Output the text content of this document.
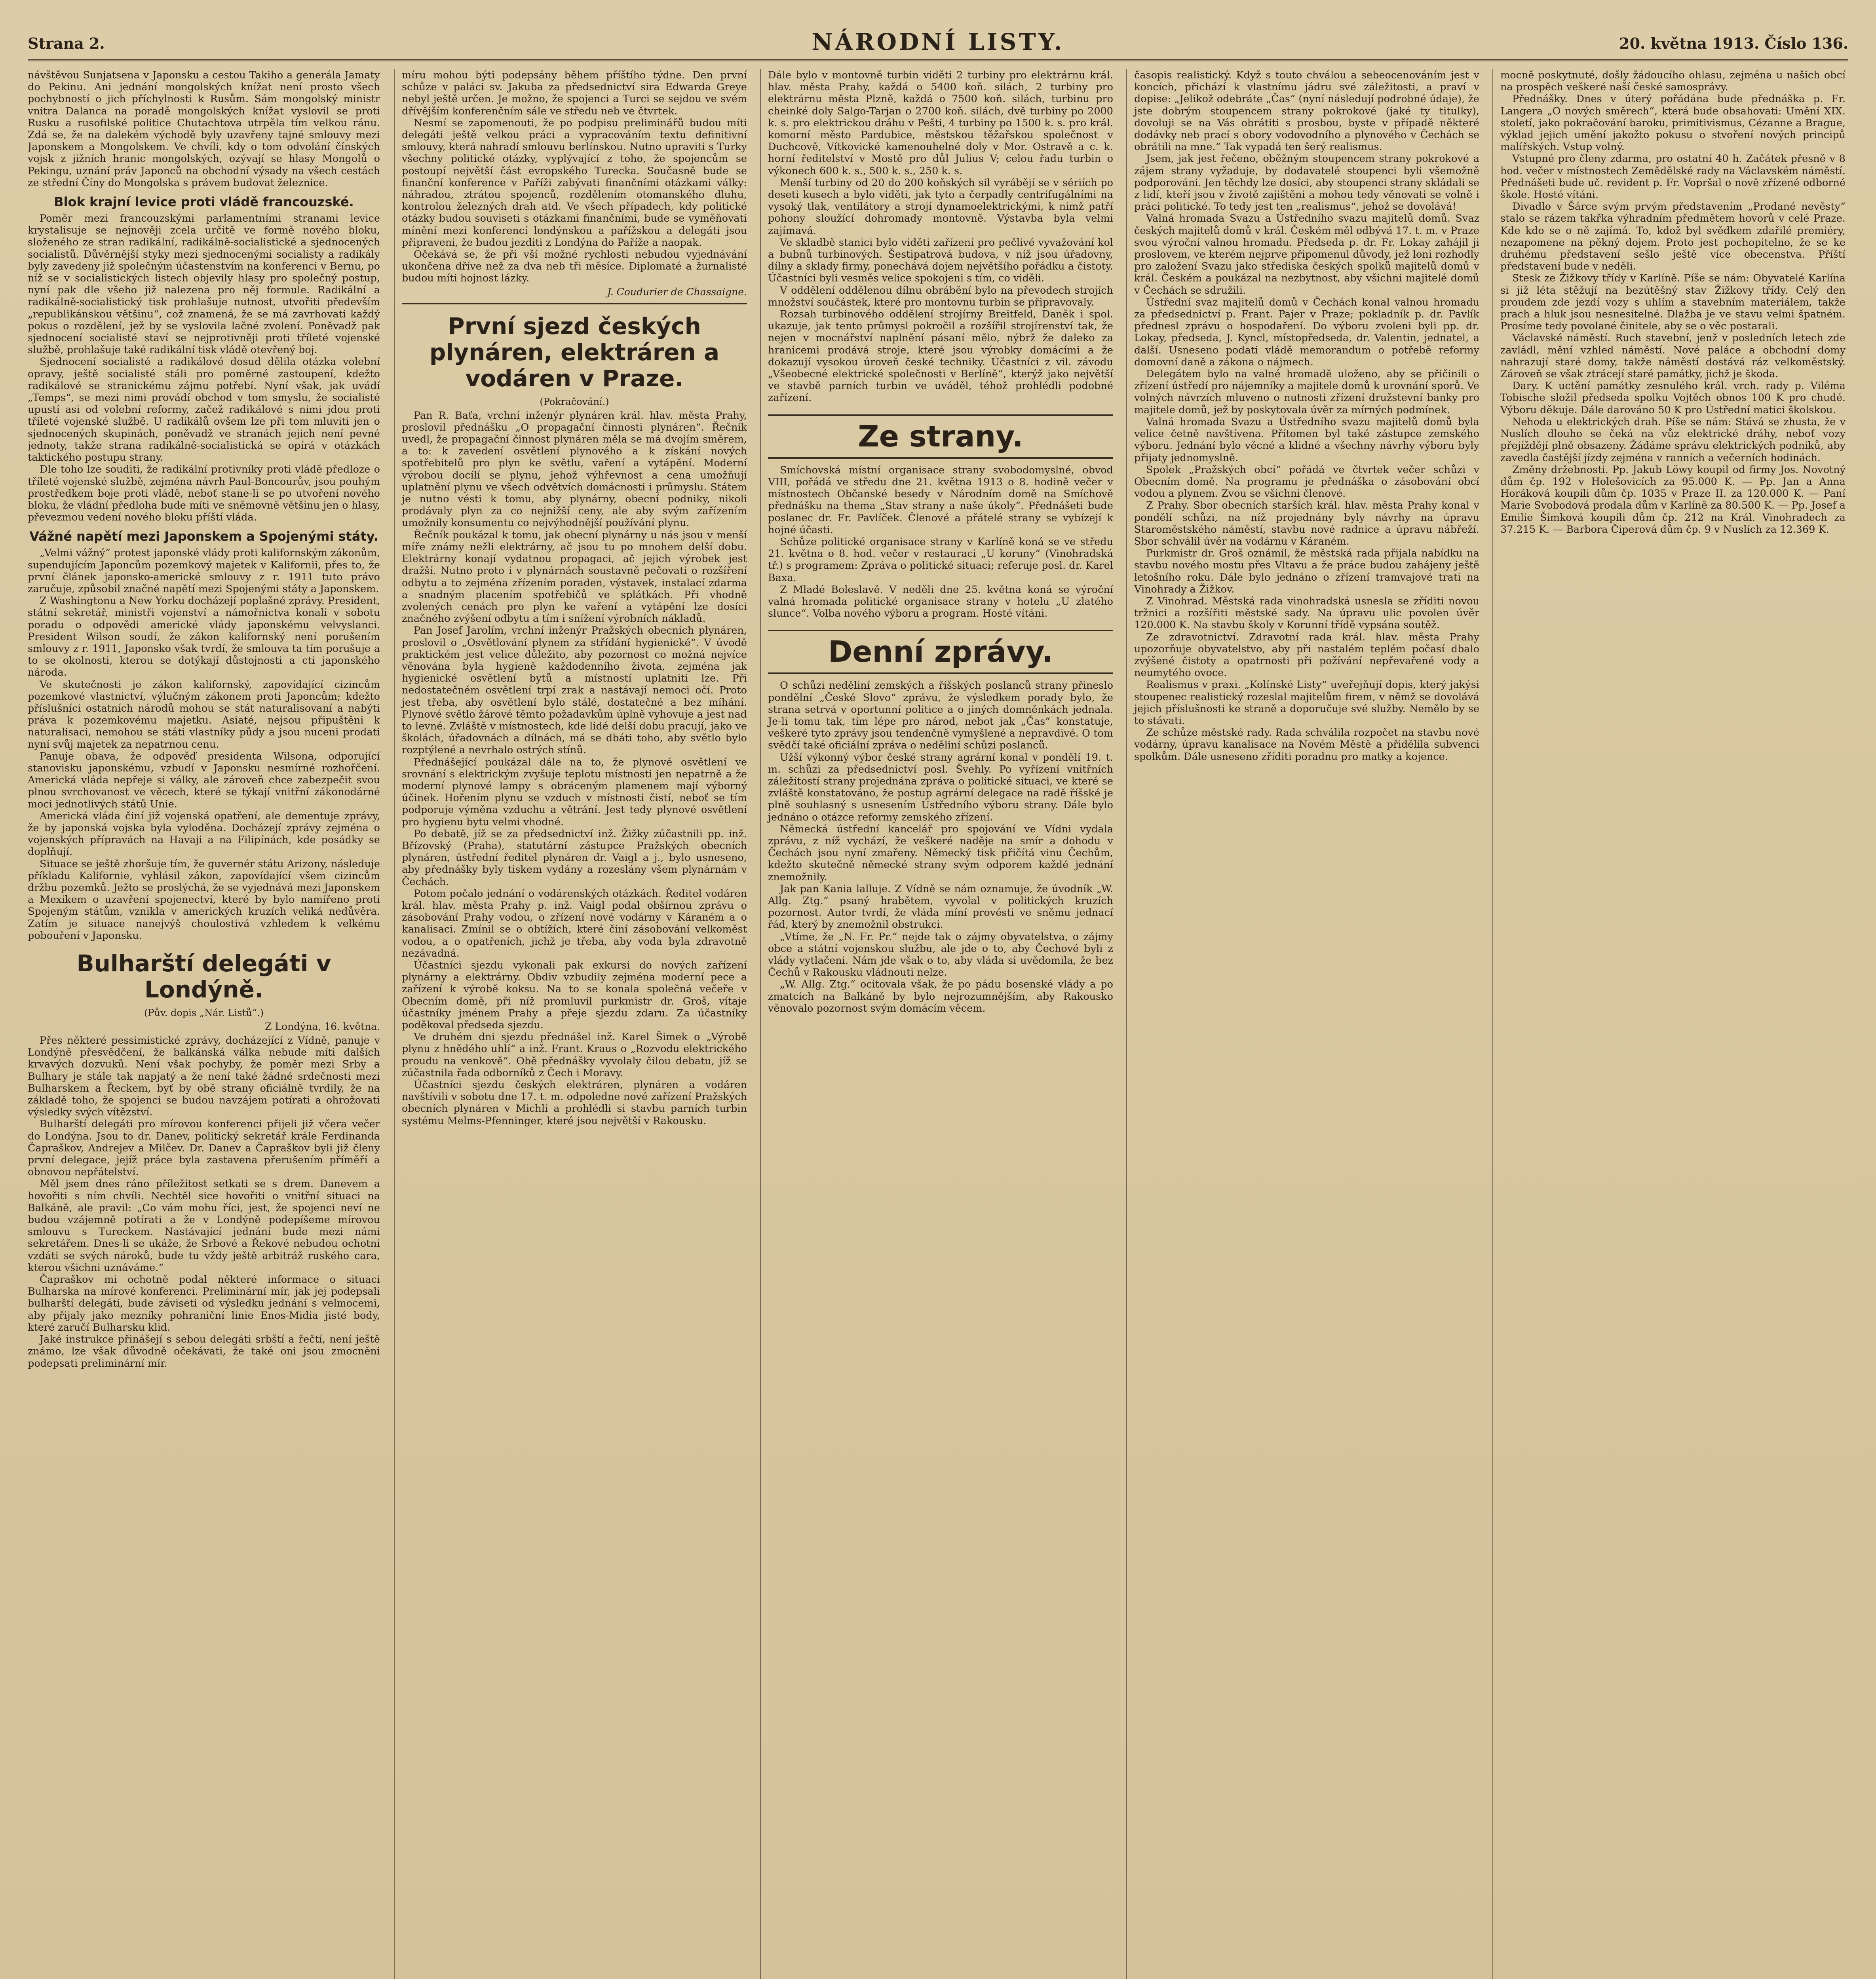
Strana 2.	NÁRODNÍ LISTY.	20. května 1913. Číslo 136.

návštěvou Sunjatsena v Japonsku a cestou Takiho a generála Jamaty do Pekinu. Ani jednání mongolských knížat není prosto všech pochybností o jich příchylnosti k Rusům. Sám mongolský ministr vnitra Dalanca na poradě mongolských knížat vyslovil se proti Rusku a rusofilské politice Chutachtova utrpěla tím velkou ránu. Zdá se, že na dalekém východě byly uzavřeny tajné smlouvy mezi Japonskem a Mongolskem. Ve chvíli, kdy o tom odvolání čínských vojsk z jižních hranic mongolských, ozývají se hlasy Mongolů o Pekingu, uznání práv Japonců na obchodní výsady na všech cestách ze střední Číny do Mongolska s právem budovat železnice.

Blok krajní levice proti vládě francouzské.

Poměr mezi francouzskými parlamentními stranami levice krystalisuje se nejnověji zcela určitě ve formě nového bloku, složeného ze stran radikální, radikálně-socialistické a sjednocených socialistů. Důvěrnější styky mezi sjednocenými socialisty a radikály byly zavedeny již společným účastenstvím na konferenci v Bernu, po níž se v socialistických listech objevily hlasy pro společný postup, nyní pak dle všeho již nalezena pro něj formule. Radikální a radikálně-socialistický tisk prohlašuje nutnost, utvořiti především „republikánskou většinu“, což znamená, že se má zavrhovati každý pokus o rozdělení, jež by se vyslovila lačné zvolení. Poněvadž pak sjednocení socialisté staví se nejprotivněji proti tříleté vojenské službě, prohlašuje také radikální tisk vládě otevřený boj.

Sjednocení socialisté a radikálové dosud dělila otázka volební opravy, ještě socialisté stáli pro poměrné zastoupení, kdežto radikálové se stranickému zájmu potřebí. Nyní však, jak uvádí „Temps“, se mezi nimi provádí obchod v tom smyslu, že socialisté upustí asi od volební reformy, začež radikálové s nimi jdou proti tříleté vojenské službě. U radikálů ovšem lze při tom mluviti jen o sjednocených skupinách, poněvadž ve stranách jejich není pevné jednoty, takže strana radikálně-socialistická se opírá v otázkách taktického postupu strany.

Dle toho lze souditi, že radikální protivníky proti vládě předloze o tříleté vojenské službě, zejména návrh Paul-Boncourův, jsou pouhým prostředkem boje proti vládě, neboť stane-li se po utvoření nového bloku, že vládní předloha bude míti ve sněmovně většinu jen o hlasy, převezmou vedení nového bloku příští vláda.

Vážné napětí mezi Japonskem a Spojenými státy.

„Velmi vážný“ protest japonské vlády proti kalifornským zákonům, supendujícím Japoncům pozemkový majetek v Kalifornii, přes to, že první článek japonsko-americké smlouvy z r. 1911 tuto právo zaručuje, způsobil značné napětí mezi Spojenými státy a Japonskem.

Z Washingtonu a New Yorku docházejí poplašné zprávy. President, státní sekretář, ministři vojenství a námořnictva konali v sobotu poradu o odpovědi americké vlády japonskému velvyslanci. President Wilson soudí, že zákon kalifornský není porušením smlouvy z r. 1911, Japonsko však tvrdí, že smlouva ta tím porušuje a to se okolnosti, kterou se dotýkají důstojnosti a cti japonského národa.

Ve skutečnosti je zákon kalifornský, zapovídající cizincům pozemkové vlastnictví, výlučným zákonem proti Japoncům; kdežto příslušníci ostatních národů mohou se stát naturalisovaní a nabýti práva k pozemkovému majetku. Asiaté, nejsou připuštěni k naturalisaci, nemohou se státi vlastníky půdy a jsou nuceni prodati nyní svůj majetek za nepatrnou cenu.

Panuje obava, že odpověď presidenta Wilsona, odporující stanovisku japonskému, vzbudí v Japonsku nesmírné rozhořčení. Americká vláda nepřeje si války, ale zároveň chce zabezpečit svou plnou svrchovanost ve věcech, které se týkají vnitřní zákonodárné moci jednotlivých států Unie.

Americká vláda činí již vojenská opatření, ale dementuje zprávy, že by japonská vojska byla vyloděna. Docházejí zprávy zejména o vojenských přípravách na Havaji a na Filipínách, kde posádky se doplňují.

Situace se ještě zhoršuje tím, že guvernér státu Arizony, následuje příkladu Kalifornie, vyhlásil zákon, zapovídající všem cizincům držbu pozemků. Ježto se proslýchá, že se vyjednává mezi Japonskem a Mexikem o uzavření spojenectví, které by bylo namířeno proti Spojeným státům, vznikla v amerických kruzích veliká nedůvěra. Zatím je situace nanejvýš choulostivá vzhledem k velkému pobouření v Japonsku.

Bulharští delegáti v Londýně.
(Pův. dopis „Nár. Listů“.)
Z Londýna, 16. května.

Přes některé pessimistické zprávy, docházející z Vídně, panuje v Londýně přesvědčení, že balkánská válka nebude míti dalších krvavých dozvuků. Není však pochyby, že poměr mezi Srby a Bulhary je stále tak napjatý a že není také žádné srdečnosti mezi Bulharskem a Řeckem, byť by obě strany oficiálně tvrdily, že na základě toho, že spojenci se budou navzájem potírati a ohrožovati výsledky svých vítězství.

Bulharští delegáti pro mírovou konferenci přijeli již včera večer do Londýna. Jsou to dr. Danev, politický sekretář krále Ferdinanda Čapraškov, Andrejev a Milčev. Dr. Danev a Čapraškov byli již členy první delegace, jejíž práce byla zastavena přerušením příměří a obnovou nepřátelství.

Měl jsem dnes ráno příležitost setkati se s drem. Danevem a hovořiti s ním chvíli. Nechtěl sice hovořiti o vnitřní situaci na Balkáně, ale pravil: „Co vám mohu říci, jest, že spojenci neví ne budou vzájemně potírati a že v Londýně podepíšeme mírovou smlouvu s Tureckem. Nastávající jednání bude mezi námi sekretářem. Dnes-li se ukáže, že Srbové a Řekové nebudou ochotni vzdáti se svých nároků, bude tu vždy ještě arbitráž ruského cara, kterou všichni uznáváme.“

Čapraškov mi ochotně podal některé informace o situaci Bulharska na mírové konferenci. Preliminární mír, jak jej podepsali bulharští delegáti, bude záviseti od výsledku jednání s velmocemi, aby přijaly jako mezníky pohraniční linie Enos-Midia jisté body, které zaručí Bulharsku klid.

Jaké instrukce přinášejí s sebou delegáti srbští a řečtí, není ještě známo, lze však důvodně očekávati, že také oni jsou zmocněni podepsati preliminární mír.

míru mohou býti podepsány během příštího týdne. Den první schůze v paláci sv. Jakuba za předsednictví sira Edwarda Greye nebyl ještě určen. Je možno, že spojenci a Turci se sejdou ve svém dřívějším konferenčním sále ve středu neb ve čtvrtek.

Nesmí se zapomenouti, že po podpisu preliminářů budou míti delegáti ještě velkou práci a vypracováním textu definitivní smlouvy, která nahradí smlouvu berlínskou. Nutno upraviti s Turky všechny politické otázky, vyplývající z toho, že spojencům se postoupí největší část evropského Turecka. Současně bude se finanční konference v Paříži zabývati finančními otázkami války: náhradou, ztrátou spojenců, rozdělením otomanského dluhu, kontrolou železných drah atd. Ve všech případech, kdy politické otázky budou souviseti s otázkami finančními, bude se vyměňovati mínění mezi konferencí londýnskou a pařížskou a delegáti jsou připraveni, že budou jezditi z Londýna do Paříže a naopak.

Očekává se, že při vší možné rychlosti nebudou vyjednávání ukončena dříve než za dva neb tři měsíce. Diplomaté a žurnalisté budou míti hojnost lázky.

J. Coudurier de Chassaigne.
První sjezd českých plynáren, elektráren a vodáren v Praze.
(Pokračování.)

Pan R. Baťa, vrchní inženýr plynáren král. hlav. města Prahy, proslovil přednášku „O propagační činnosti plynáren“. Řečník uvedl, že propagační činnost plynáren měla se má dvojím směrem, a to: k zavedení osvětlení plynového a k získání nových spotřebitelů pro plyn ke světlu, vaření a vytápění. Moderní výrobou docílí se plynu, jehož výhřevnost a cena umožňují uplatnění plynu ve všech odvětvích domácnosti i průmyslu. Státem je nutno vésti k tomu, aby plynárny, obecní podniky, nikoli prodávaly plyn za co nejnižší ceny, ale aby svým zařízením umožnily konsumentu co nejvýhodnější používání plynu.

Řečník poukázal k tomu, jak obecní plynárny u nás jsou v menší míře známy nežli elektrárny, ač jsou tu po mnohem delší dobu. Elektrárny konají vydatnou propagaci, ač jejich výrobek jest dražší. Nutno proto i v plynárnách soustavně pečovati o rozšíření odbytu a to zejména zřízením poraden, výstavek, instalací zdarma a snadným placením spotřebičů ve splátkách. Při vhodně zvolených cenách pro plyn ke vaření a vytápění lze dosíci značného zvýšení odbytu a tím i snížení výrobních nákladů.

Pan Josef Jarolím, vrchní inženýr Pražských obecních plynáren, proslovil o „Osvětlování plynem za střídání hygienické“. V úvodě praktickém jest velice důležito, aby pozornost co možná nejvíce věnována byla hygieně každodenního života, zejména jak hygienické osvětlení bytů a místností uplatniti lze. Při nedostatečném osvětlení trpí zrak a nastávají nemoci očí. Proto jest třeba, aby osvětlení bylo stálé, dostatečné a bez míhání. Plynové světlo žárové těmto požadavkům úplně vyhovuje a jest nad to levné. Zvláště v místnostech, kde lidé delší dobu pracují, jako ve školách, úřadovnách a dílnách, má se dbáti toho, aby světlo bylo rozptýlené a nevrhalo ostrých stínů.

Přednášející poukázal dále na to, že plynové osvětlení ve srovnání s elektrickým zvyšuje teplotu místnosti jen nepatrně a že moderní plynové lampy s obráceným plamenem mají výborný účinek. Hořením plynu se vzduch v místnosti čistí, neboť se tím podporuje výměna vzduchu a větrání. Jest tedy plynové osvětlení pro hygienu bytu velmi vhodné.

Po debatě, jíž se za předsednictví inž. Žižky zúčastnili pp. inž. Břízovský (Praha), statutární zástupce Pražských obecních plynáren, ústřední ředitel plynáren dr. Vaigl a j., bylo usneseno, aby přednášky byly tiskem vydány a rozeslány všem plynárnám v Čechách.

Potom počalo jednání o vodárenských otázkách. Ředitel vodáren král. hlav. města Prahy p. inž. Vaigl podal obšírnou zprávu o zásobování Prahy vodou, o zřízení nové vodárny v Káraném a o kanalisaci. Zmínil se o obtížích, které činí zásobování velkoměst vodou, a o opatřeních, jichž je třeba, aby voda byla zdravotně nezávadná.

Účastníci sjezdu vykonali pak exkursi do nových zařízení plynárny a elektrárny. Obdiv vzbudily zejména moderní pece a zařízení k výrobě koksu. Na to se konala společná večeře v Obecním domě, při níž promluvil purkmistr dr. Groš, vítaje účastníky jménem Prahy a přeje sjezdu zdaru. Za účastníky poděkoval předseda sjezdu.

Ve druhém dni sjezdu přednášel inž. Karel Šimek o „Výrobě plynu z hnědého uhlí“ a inž. Frant. Kraus o „Rozvodu elektrického proudu na venkově“. Obě přednášky vyvolaly čilou debatu, jíž se zúčastnila řada odborníků z Čech i Moravy.

Účastníci sjezdu českých elektráren, plynáren a vodáren navštívili v sobotu dne 17. t. m. odpoledne nové zařízení Pražských obecních plynáren v Michli a prohlédli si stavbu parních turbin systému Melms-Pfenninger, které jsou největší v Rakousku.

Dále bylo v montovně turbin viděti 2 turbiny pro elektrárnu král. hlav. města Prahy, každá o 5400 koň. silách, 2 turbiny pro elektrárnu města Plzně, každá o 7500 koň. silách, turbinu pro cheinké doly Salgo-Tarjan o 2700 koň. silách, dvě turbiny po 2000 k. s. pro elektrickou dráhu v Pešti, 4 turbiny po 1500 k. s. pro král. komorní město Pardubice, městskou těžařskou společnost v Duchcově, Vítkovické kamenouhelné doly v Mor. Ostravě a c. k. horní ředitelství v Mostě pro důl Julius V; celou řadu turbin o výkonech 600 k. s., 500 k. s., 250 k. s.

Menší turbiny od 20 do 200 koňských sil vyrábějí se v sériích po deseti kusech a bylo viděti, jak tyto a čerpadly centrifugálními na vysoký tlak, ventilátory a strojí dynamoelektrickými, k nimž patří pohony sloužící dohromady montovně. Výstavba byla velmi zajímavá.

Ve skladbě stanici bylo viděti zařízení pro pečlivé vyvažování kol a bubnů turbinových. Šestipatrová budova, v níž jsou úřadovny, dílny a sklady firmy, ponechává dojem největšího pořádku a čistoty. Účastníci byli vesměs velice spokojeni s tím, co viděli.

V oddělení oddělenou dílnu obrábění bylo na převodech strojích množství součástek, které pro montovnu turbin se připravovaly.

Rozsah turbinového oddělení strojírny Breitfeld, Daněk i spol. ukazuje, jak tento průmysl pokročil a rozšířil strojírenství tak, že nejen v mocnářství naplnění pásaní mělo, nýbrž že daleko za hranicemi prodává stroje, které jsou výrobky domácími a že dokazují vysokou úroveň české techniky. Účastníci z vil. závodu „Všeobecné elektrické společnosti v Berlíně“, kterýž jako největší ve stavbě parních turbin ve uváděl, téhož prohlédli podobné zařízení.

Ze strany.

Smíchovská místní organisace strany svobodomyslné, obvod VIII, pořádá ve středu dne 21. května 1913 o 8. hodině večer v místnostech Občanské besedy v Národním domě na Smíchově přednášku na thema „Stav strany a naše úkoly“. Přednášeti bude poslanec dr. Fr. Pavlíček. Členové a přátelé strany se vybízejí k hojné účasti.

Schůze politické organisace strany v Karlíně koná se ve středu 21. května o 8. hod. večer v restauraci „U koruny“ (Vinohradská tř.) s programem: Zpráva o politické situaci; referuje posl. dr. Karel Baxa.

Z Mladé Boleslavě. V neděli dne 25. května koná se výroční valná hromada politické organisace strany v hotelu „U zlatého slunce“. Volba nového výboru a program. Hosté vítáni.

Denní zprávy.

O schůzi neděliní zemských a říšských poslanců strany přineslo pondělní „České Slovo“ zprávu, že výsledkem porady bylo, že strana setrvá v oportunní politice a o jiných domněnkách jednala. Je-li tomu tak, tím lépe pro národ, nebot jak „Čas“ konstatuje, veškeré tyto zprávy jsou tendenčně vymyšlené a nepravdivé. O tom svědčí také oficiální zpráva o neděliní schůzi poslanců.

Užší výkonný výbor české strany agrární konal v pondělí 19. t. m. schůzi za předsednictví posl. Švehly. Po vyřízení vnitřních záležitostí strany projednána zpráva o politické situaci, ve které se zvláště konstatováno, že postup agrární delegace na radě říšské je plně souhlasný s usnesením Ústředního výboru strany. Dále bylo jednáno o otázce reformy zemského zřízení.

Německá ústřední kancelář pro spojování ve Vídni vydala zprávu, z níž vychází, že veškeré naděje na smír a dohodu v Čechách jsou nyní zmařeny. Německý tisk přičítá vinu Čechům, kdežto skutečně německé strany svým odporem každé jednání znemožnily.

Jak pan Kania lalluje. Z Vídně se nám oznamuje, že úvodník „W. Allg. Ztg.“ psaný hrabětem, vyvolal v politických kruzích pozornost. Autor tvrdí, že vláda míní provésti ve sněmu jednací řád, který by znemožnil obstrukci.

„Vtíme, že „N. Fr. Pr.“ nejde tak o zájmy obyvatelstva, o zájmy obce a státní vojenskou službu, ale jde o to, aby Čechové byli z vlády vytlačeni. Nám jde však o to, aby vláda si uvědomila, že bez Čechů v Rakousku vládnouti nelze.

„W. Allg. Ztg.“ ocitovala však, že po pádu bosenské vlády a po zmatcích na Balkáně by bylo nejrozumnějším, aby Rakousko věnovalo pozornost svým domácím věcem.

časopis realistický. Když s touto chválou a sebeocenováním jest v koncích, přichází k vlastnímu jádru své záležitosti, a praví v dopise: „Jelikož odebráte „Čas“ (nyní následují podrobné údaje), že jste dobrým stoupencem strany pokrokové (jaké ty titulky), dovoluji se na Vás obrátiti s prosbou, byste v případě některé dodávky neb prací s obory vodovodního a plynového v Čechách se obrátili na mne.“ Tak vypadá ten šerý realismus.

Jsem, jak jest řečeno, oběžným stoupencem strany pokrokové a zájem strany vyžaduje, by dodavatelé stoupenci byli všemožně podporováni. Jen těchdy lze dosíci, aby stoupenci strany skládali se z lidí, kteří jsou v životě zajištěni a mohou tedy věnovati se volně i práci politické. To tedy jest ten „realismus“, jehož se dovolává!

Valná hromada Svazu a Ústředního svazu majitelů domů. Svaz českých majitelů domů v král. Českém měl odbývá 17. t. m. v Praze svou výroční valnou hromadu. Předseda p. dr. Fr. Lokay zahájil ji proslovem, ve kterém nejprve připomenul důvody, jež loni rozhodly pro založení Svazu jako střediska českých spolků majitelů domů v král. Českém a poukázal na nezbytnost, aby všichni majitelé domů v Čechách se sdružili.

Ústřední svaz majitelů domů v Čechách konal valnou hromadu za předsednictví p. Frant. Pajer v Praze; pokladník p. dr. Pavlík přednesl zprávu o hospodaření. Do výboru zvoleni byli pp. dr. Lokay, předseda, J. Kyncl, místopředseda, dr. Valentin, jednatel, a další. Usneseno podati vládě memorandum o potřebě reformy domovní daně a zákona o nájmech.

Delegátem bylo na valné hromadě uloženo, aby se přičinili o zřízení ústředí pro nájemníky a majitele domů k urovnání sporů. Ve volných návrzích mluveno o nutnosti zřízení družstevní banky pro majitele domů, jež by poskytovala úvěr za mírných podmínek.

Valná hromada Svazu a Ústředního svazu majitelů domů byla velice četně navštívena. Přítomen byl také zástupce zemského výboru. Jednání bylo věcné a klidné a všechny návrhy výboru byly přijaty jednomyslně.

Spolek „Pražských obcí“ pořádá ve čtvrtek večer schůzi v Obecním domě. Na programu je přednáška o zásobování obcí vodou a plynem. Zvou se všichni členové.

Z Prahy. Sbor obecních starších král. hlav. města Prahy konal v pondělí schůzi, na níž projednány byly návrhy na úpravu Staroměstského náměstí, stavbu nové radnice a úpravu nábřeží. Sbor schválil úvěr na vodárnu v Káraném.

Purkmistr dr. Groš oznámil, že městská rada přijala nabídku na stavbu nového mostu přes Vltavu a že práce budou zahájeny ještě letošního roku. Dále bylo jednáno o zřízení tramvajové trati na Vinohrady a Žižkov.

Z Vinohrad. Městská rada vinohradská usnesla se zříditi novou tržnici a rozšířiti městské sady. Na úpravu ulic povolen úvěr 120.000 K. Na stavbu školy v Korunní třídě vypsána soutěž.

Ze zdravotnictví. Zdravotní rada král. hlav. města Prahy upozorňuje obyvatelstvo, aby při nastalém teplém počasí dbalo zvýšené čistoty a opatrnosti při požívání nepřevařené vody a neumytého ovoce.

Realismus v praxi. „Kolínské Listy“ uveřejňují dopis, který jakýsi stoupenec realistický rozeslal majitelům firem, v němž se dovolává jejich příslušnosti ke straně a doporučuje své služby. Nemělo by se to stávati.

Ze schůze městské rady. Rada schválila rozpočet na stavbu nové vodárny, úpravu kanalisace na Novém Městě a přidělila subvenci spolkům. Dále usneseno zříditi poradnu pro matky a kojence.

mocně poskytnuté, došly žádoucího ohlasu, zejména u našich obcí na prospěch veškeré naší české samosprávy.

Přednášky. Dnes v úterý pořádána bude přednáška p. Fr. Langera „O nových směrech“, která bude obsahovati: Umění XIX. století, jako pokračování baroku, primitivismus, Cézanne a Brague, výklad jejich umění jakožto pokusu o stvoření nových principů malířských. Vstup volný.

Vstupné pro členy zdarma, pro ostatní 40 h. Začátek přesně v 8 hod. večer v místnostech Zemědělské rady na Václavském náměstí. Přednášeti bude uč. revident p. Fr. Vopršal o nově zřízené odborné škole. Hosté vítáni.

Divadlo v Šárce svým prvým představením „Prodané nevěsty“ stalo se rázem takřka výhradním předmětem hovorů v celé Praze. Kde kdo se o ně zajímá. To, kdož byl svědkem zdařilé premiéry, nezapomene na pěkný dojem. Proto jest pochopitelno, že se ke druhému představení sešlo ještě více obecenstva. Příští představení bude v neděli.

Stesk ze Žižkovy třídy v Karlíně. Píše se nám: Obyvatelé Karlína si již léta stěžují na bezútěšný stav Žižkovy třídy. Celý den proudem zde jezdí vozy s uhlím a stavebním materiálem, takže prach a hluk jsou nesnesitelné. Dlažba je ve stavu velmi špatném. Prosíme tedy povolané činitele, aby se o věc postarali.

Václavské náměstí. Ruch stavební, jenž v posledních letech zde zavládl, mění vzhled náměstí. Nové paláce a obchodní domy nahrazují staré domy, takže náměstí dostává ráz velkoměstský. Zároveň se však ztrácejí staré památky, jichž je škoda.

Dary. K uctění památky zesnulého král. vrch. rady p. Viléma Tobische složil předseda spolku Vojtěch obnos 100 K pro chudé. Výboru děkuje. Dále darováno 50 K pro Ústřední matici školskou.

Nehoda u elektrických drah. Píše se nám: Stává se zhusta, že v Nuslích dlouho se čeká na vůz elektrické dráhy, neboť vozy přejíždějí plně obsazeny. Žádáme správu elektrických podniků, aby zavedla častější jízdy zejména v ranních a večerních hodinách.

Změny držebnosti. Pp. Jakub Löwy koupil od firmy Jos. Novotný dům čp. 192 v Holešovicích za 95.000 K. — Pp. Jan a Anna Horáková koupili dům čp. 1035 v Praze II. za 120.000 K. — Paní Marie Svobodová prodala dům v Karlíně za 80.500 K. — Pp. Josef a Emilie Šimková koupili dům čp. 212 na Král. Vinohradech za 37.215 K. — Barbora Čiperová dům čp. 9 v Nuslích za 12.369 K.
